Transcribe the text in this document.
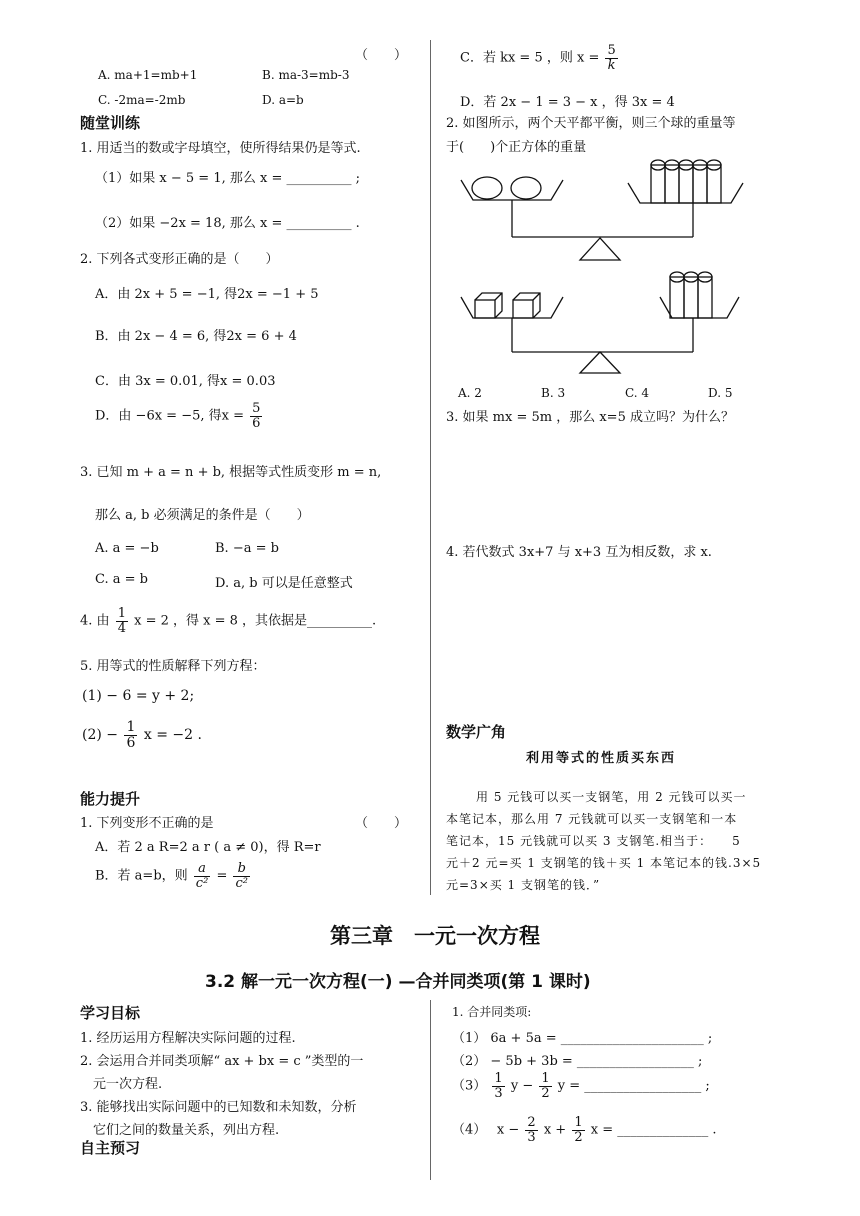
（　　）
A. ma+1=mb+1	B. ma-3=mb-3
C. -2ma=-2mb	D. a=b
随堂训练
1. 用适当的数或字母填空，使所得结果仍是等式.
（1）如果 x − 5 = 1, 那么 x = __________ ;
（2）如果 −2x = 18, 那么 x = __________ .
2. 下列各式变形正确的是（　　）
A．由 2x + 5 = −1, 得2x = −1 + 5
B．由 2x − 4 = 6, 得2x = 6 + 4
C．由 3x = 0.01, 得x = 0.03
D．由 −6x = −5, 得$x = \frac{5}{6}$
3. 已知 m + a = n + b, 根据等式性质变形 m = n,
那么 a, b 必须满足的条件是（　　）
A. a = −b	B. −a = b
C. a = b	D. a, b 可以是任意整式
4. 由 $\frac{1}{4}$ x = 2 ，得 x = 8 ，其依据是__________.
5. 用等式的性质解释下列方程：
(1) − 6 = y + 2;
$(2) - \frac{1}{6}$ x = −2 .
能力提升
1. 下列变形不正确的是	（　　）
A．若 2 a R=2 a r ( a ≠ 0)，得 R=r
B．若 a=b，则 $\frac{a}{\text{c²}} = \frac{b}{\text{c²}}$
C．若 kx = 5 ，则 $x = \frac{5}{k}$
D．若 2x − 1 = 3 − x ，得 3x = 4
2. 如图所示，两个天平都平衡，则三个球的重量等
于(　　)个正方体的重量
A. 2	B. 3	C. 4	D. 5
3. 如果 mx = 5m ，那么 x=5 成立吗？为什么？
4. 若代数式 3x+7 与 x+3 互为相反数，求 x.
数学广角
利用等式的性质买东西
用 5 元钱可以买一支钢笔，用 2 元钱可以买一
本笔记本，那么用 7 元钱就可以买一支钢笔和一本
笔记本，15 元钱就可以买 3 支钢笔.相当于：　　5
元＋2 元=买 1 支钢笔的钱＋买 1 本笔记本的钱.3×5
元=3×买 1 支钢笔的钱．”
第三章　一元一次方程
3.2 解一元一次方程(一) —合并同类项(第 1 课时)
学习目标
1. 经历运用方程解决实际问题的过程.
2. 会运用合并同类项解“ ax + bx = c ”类型的一
元一次方程.
3. 能够找出实际问题中的已知数和未知数，分析
它们之间的数量关系，列出方程.
自主预习
1. 合并同类项:
（1） 6a + 5a = ______________________ ;
（2） − 5b + 3b = __________________ ;
$(3) \frac{1}{3}$ $y - \frac{1}{2}$ y = __________________ ;
（4）　 $x - \frac{2}{3}$ $x + \frac{1}{2}$ x = ______________ .
